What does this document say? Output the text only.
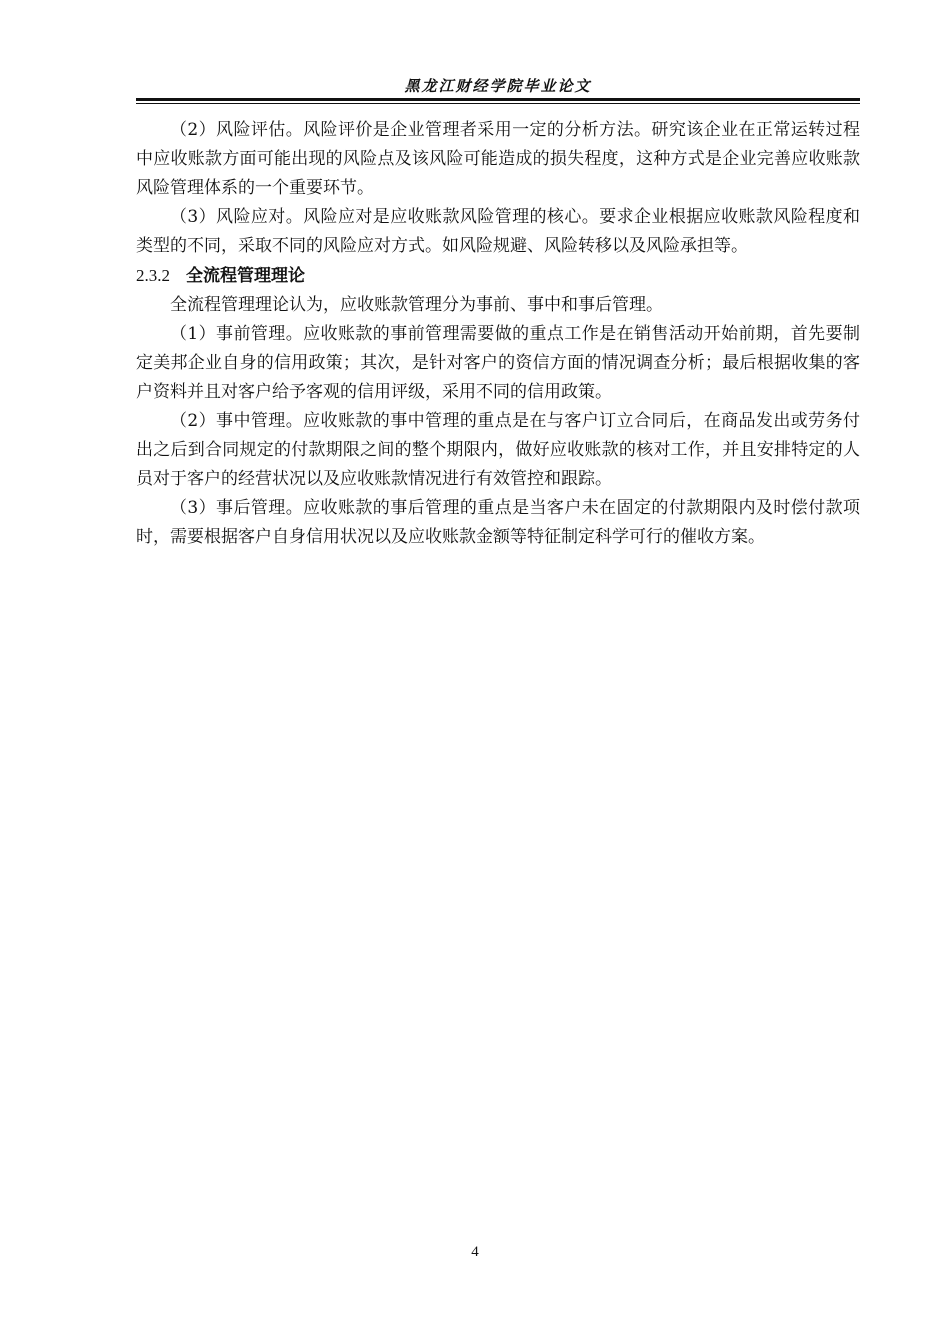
黑龙江财经学院毕业论文

（2）风险评估。风险评价是企业管理者采用一定的分析方法。研究该企业在正常运转过程中应收账款方面可能出现的风险点及该风险可能造成的损失程度，这种方式是企业完善应收账款风险管理体系的一个重要环节。

（3）风险应对。风险应对是应收账款风险管理的核心。要求企业根据应收账款风险程度和类型的不同，采取不同的风险应对方式。如风险规避、风险转移以及风险承担等。

2.3.2 全流程管理理论

全流程管理理论认为，应收账款管理分为事前、事中和事后管理。

（1）事前管理。应收账款的事前管理需要做的重点工作是在销售活动开始前期，首先要制定美邦企业自身的信用政策；其次，是针对客户的资信方面的情况调查分析；最后根据收集的客户资料并且对客户给予客观的信用评级，采用不同的信用政策。

（2）事中管理。应收账款的事中管理的重点是在与客户订立合同后，在商品发出或劳务付出之后到合同规定的付款期限之间的整个期限内，做好应收账款的核对工作，并且安排特定的人员对于客户的经营状况以及应收账款情况进行有效管控和跟踪。

（3）事后管理。应收账款的事后管理的重点是当客户未在固定的付款期限内及时偿付款项时，需要根据客户自身信用状况以及应收账款金额等特征制定科学可行的催收方案。

4
